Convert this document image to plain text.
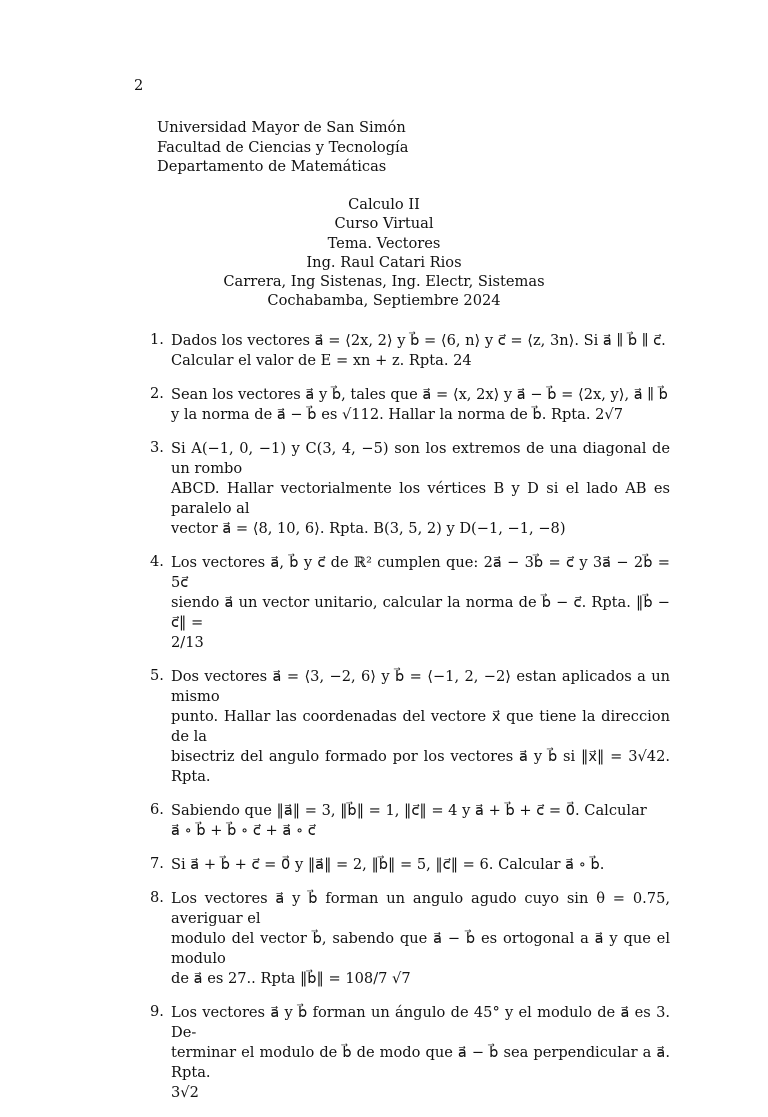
2
Universidad Mayor de San Simón
Facultad de Ciencias y Tecnología
Departamento de Matemáticas
Calculo II
Curso Virtual
Tema. Vectores
Ing. Raul Catari Rios
Carrera, Ing Sistenas, Ing. Electr, Sistemas
Cochabamba, Septiembre 2024
1. Dados los vectores a⃗ = ⟨2x, 2⟩ y b⃗ = ⟨6, n⟩ y c⃗ = ⟨z, 3n⟩. Si a⃗ ∥ b⃗ ∥ c⃗.
Calcular el valor de E = xn + z. Rpta. 24
2. Sean los vectores a⃗ y b⃗, tales que a⃗ = ⟨x, 2x⟩ y a⃗ − b⃗ = ⟨2x, y⟩, a⃗ ∥ b⃗
y la norma de a⃗ − b⃗ es √112. Hallar la norma de b⃗. Rpta. 2√7
3. Si A(−1, 0, −1) y C(3, 4, −5) son los extremos de una diagonal de un rombo
ABCD. Hallar vectorialmente los vértices B y D si el lado AB es paralelo al
vector a⃗ = ⟨8, 10, 6⟩. Rpta. B(3, 5, 2) y D(−1, −1, −8)
4. Los vectores a⃗, b⃗ y c⃗ de ℝ² cumplen que: 2a⃗ − 3b⃗ = c⃗ y 3a⃗ − 2b⃗ = 5c⃗
siendo a⃗ un vector unitario, calcular la norma de b⃗ − c⃗. Rpta. ‖b⃗ − c⃗‖ =
2/13
5. Dos vectores a⃗ = ⟨3, −2, 6⟩ y b⃗ = ⟨−1, 2, −2⟩ estan aplicados a un mismo
punto. Hallar las coordenadas del vectore x⃗ que tiene la direccion de la
bisectriz del angulo formado por los vectores a⃗ y b⃗ si ‖x⃗‖ = 3√42. Rpta.
6. Sabiendo que ‖a⃗‖ = 3, ‖b⃗‖ = 1, ‖c⃗‖ = 4 y a⃗ + b⃗ + c⃗ = 0⃗. Calcular
a⃗ ∘ b⃗ + b⃗ ∘ c⃗ + a⃗ ∘ c⃗
7. Si a⃗ + b⃗ + c⃗ = 0⃗ y ‖a⃗‖ = 2, ‖b⃗‖ = 5, ‖c⃗‖ = 6. Calcular a⃗ ∘ b⃗.
8. Los vectores a⃗ y b⃗ forman un angulo agudo cuyo sin θ = 0.75, averiguar el
modulo del vector b⃗, sabendo que a⃗ − b⃗ es ortogonal a a⃗ y que el modulo
de a⃗ es 27.. Rpta ‖b⃗‖ = 108/7 √7
9. Los vectores a⃗ y b⃗ forman un ángulo de 45° y el modulo de a⃗ es 3. De-
terminar el modulo de b⃗ de modo que a⃗ − b⃗ sea perpendicular a a⃗. Rpta.
3√2
